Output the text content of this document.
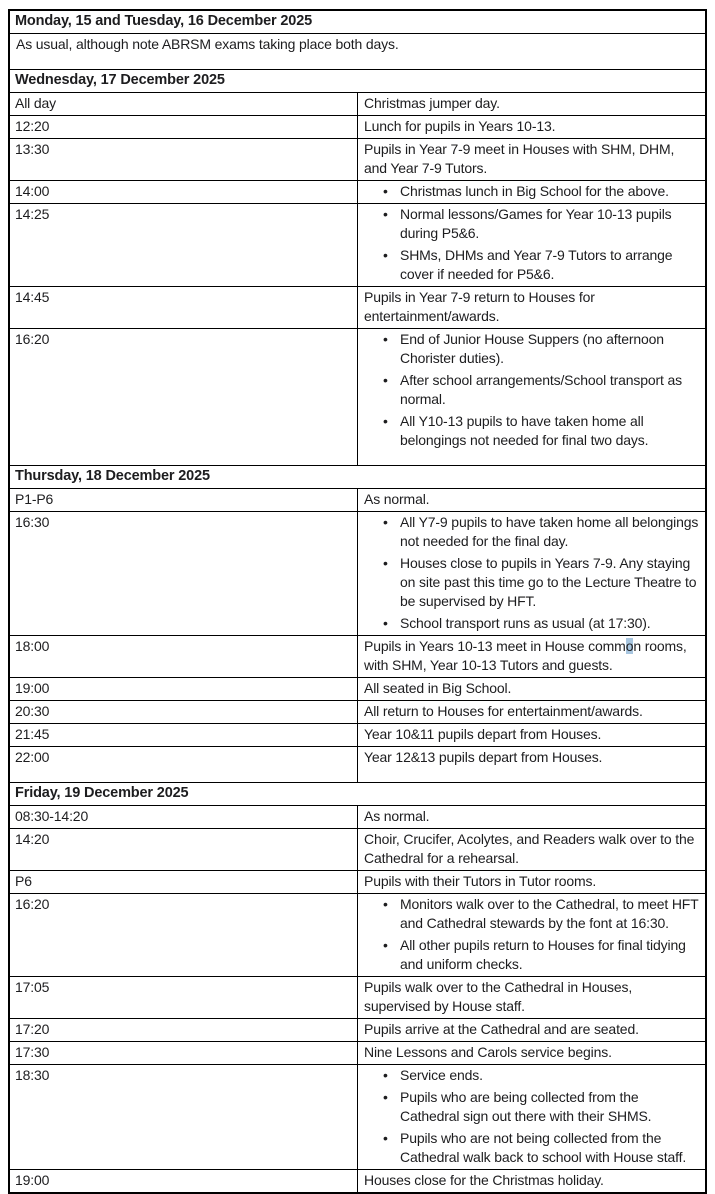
Monday, 15 and Tuesday, 16 December 2025	

As usual, although note ABRSM exams taking place both days.	

Wednesday, 17 December 2025	
All day	Christmas jumper day.

12:20	Lunch for pupils in Years 10-13.

13:30	Pupils in Year 7-9 meet in Houses with SHM, DHM, and Year 7-9 Tutors.

14:00	• Christmas lunch in Big School for the above.

14:25	• Normal lessons/Games for Year 10-13 pupils during P5&6.
• SHMs, DHMs and Year 7-9 Tutors to arrange cover if needed for P5&6.

14:45	Pupils in Year 7-9 return to Houses for entertainment/awards.

16:20	• End of Junior House Suppers (no afternoon Chorister duties).
• After school arrangements/School transport as normal.
• All Y10-13 pupils to have taken home all belongings not needed for final two days.

Thursday, 18 December 2025	
P1-P6	As normal.

16:30	• All Y7-9 pupils to have taken home all belongings not needed for the final day.
• Houses close to pupils in Years 7-9. Any staying on site past this time go to the Lecture Theatre to be supervised by HFT.
• School transport runs as usual (at 17:30).

18:00	Pupils in Years 10-13 meet in House common rooms, with SHM, Year 10-13 Tutors and guests.

19:00	All seated in Big School.

20:30	All return to Houses for entertainment/awards.

21:45	Year 10&11 pupils depart from Houses.

22:00	Year 12&13 pupils depart from Houses.

Friday, 19 December 2025	
08:30-14:20	As normal.

14:20	Choir, Crucifer, Acolytes, and Readers walk over to the Cathedral for a rehearsal.

P6	Pupils with their Tutors in Tutor rooms.

16:20	• Monitors walk over to the Cathedral, to meet HFT and Cathedral stewards by the font at 16:30.
• All other pupils return to Houses for final tidying and uniform checks.

17:05	Pupils walk over to the Cathedral in Houses, supervised by House staff.

17:20	Pupils arrive at the Cathedral and are seated.

17:30	Nine Lessons and Carols service begins.

18:30	• Service ends.
• Pupils who are being collected from the Cathedral sign out there with their SHMS.
• Pupils who are not being collected from the Cathedral walk back to school with House staff.

19:00	Houses close for the Christmas holiday.
